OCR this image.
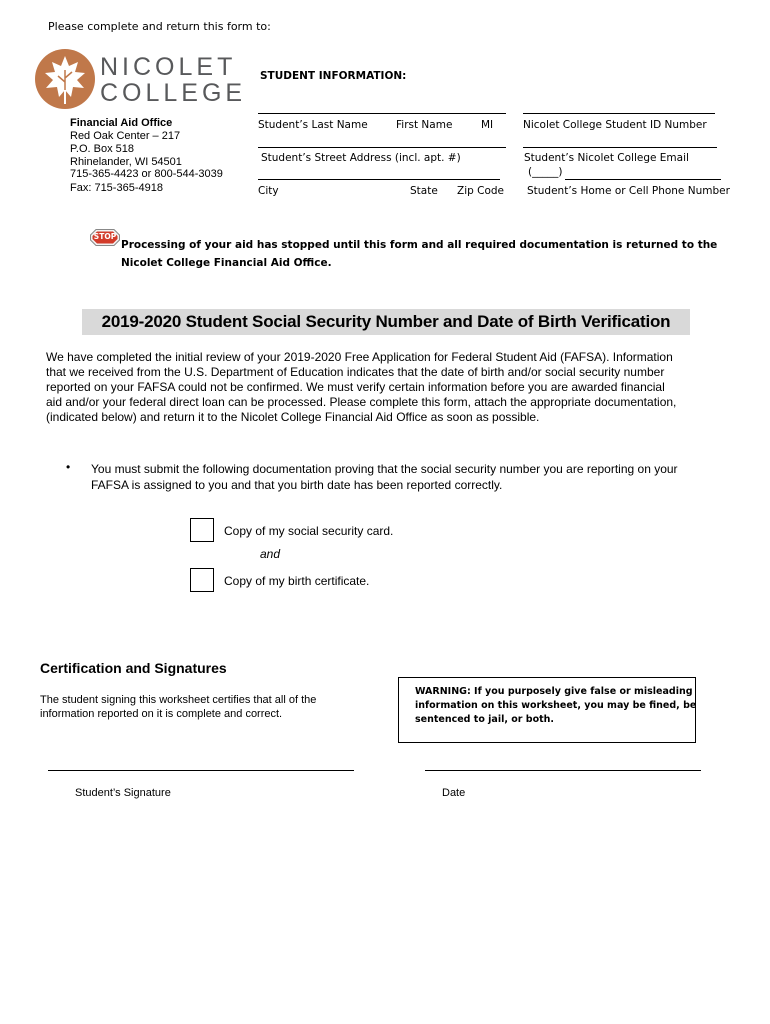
Please complete and return this form to:
NICOLET
COLLEGE
Financial Aid Office
Red Oak Center – 217
P.O. Box 518
Rhinelander, WI 54501
715-365-4423 or 800-544-3039
Fax: 715-365-4918
STUDENT INFORMATION:
Student’s Last Name	First Name	MI	Nicolet College Student ID Number
Student’s Street Address (incl. apt. #)	Student’s Nicolet College Email
(_____)
City	State Zip Code Student’s Home or Cell Phone Number
STOP
Processing of your aid has stopped until this form and all required documentation is returned to the
Nicolet College Financial Aid Office.
2019-2020 Student Social Security Number and Date of Birth Verification
We have completed the initial review of your 2019-2020 Free Application for Federal Student Aid (FAFSA). Information
that we received from the U.S. Department of Education indicates that the date of birth and/or social security number
reported on your FAFSA could not be confirmed. We must verify certain information before you are awarded financial
aid and/or your federal direct loan can be processed. Please complete this form, attach the appropriate documentation,
(indicated below) and return it to the Nicolet College Financial Aid Office as soon as possible.
• You must submit the following documentation proving that the social security number you are reporting on your
FAFSA is assigned to you and that you birth date has been reported correctly.
Copy of my social security card.
and
Copy of my birth certificate.
Certification and Signatures
The student signing this worksheet certifies that all of the
information reported on it is complete and correct.
WARNING: If you purposely give false or misleading
information on this worksheet, you may be fined, be
sentenced to jail, or both.
Student’s Signature	Date
